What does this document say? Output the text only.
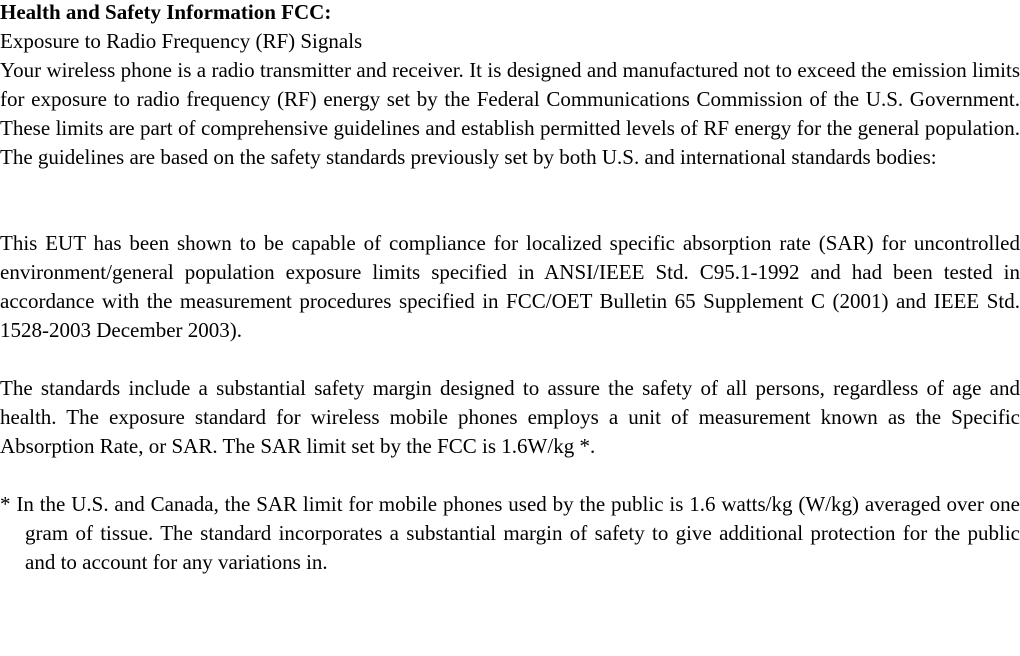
Health and Safety Information FCC:
Exposure to Radio Frequency (RF) Signals

Your wireless phone is a radio transmitter and receiver. It is designed and manufactured not to exceed the emission limits for exposure to radio frequency (RF) energy set by the Federal Communications Commission of the U.S. Government. These limits are part of comprehensive guidelines and establish permitted levels of RF energy for the general population. The guidelines are based on the safety standards previously set by both U.S. and international standards bodies:

This EUT has been shown to be capable of compliance for localized specific absorption rate (SAR) for uncontrolled environment/general population exposure limits specified in ANSI/IEEE Std. C95.1-1992 and had been tested in accordance with the measurement procedures specified in FCC/OET Bulletin 65 Supplement C (2001) and IEEE Std. 1528-2003 December 2003).

The standards include a substantial safety margin designed to assure the safety of all persons, regardless of age and health. The exposure standard for wireless mobile phones employs a unit of measurement known as the Specific Absorption Rate, or SAR. The SAR limit set by the FCC is 1.6W/kg *.

* In the U.S. and Canada, the SAR limit for mobile phones used by the public is 1.6 watts/kg (W/kg) averaged over one gram of tissue. The standard incorporates a substantial margin of safety to give additional protection for the public and to account for any variations in.
